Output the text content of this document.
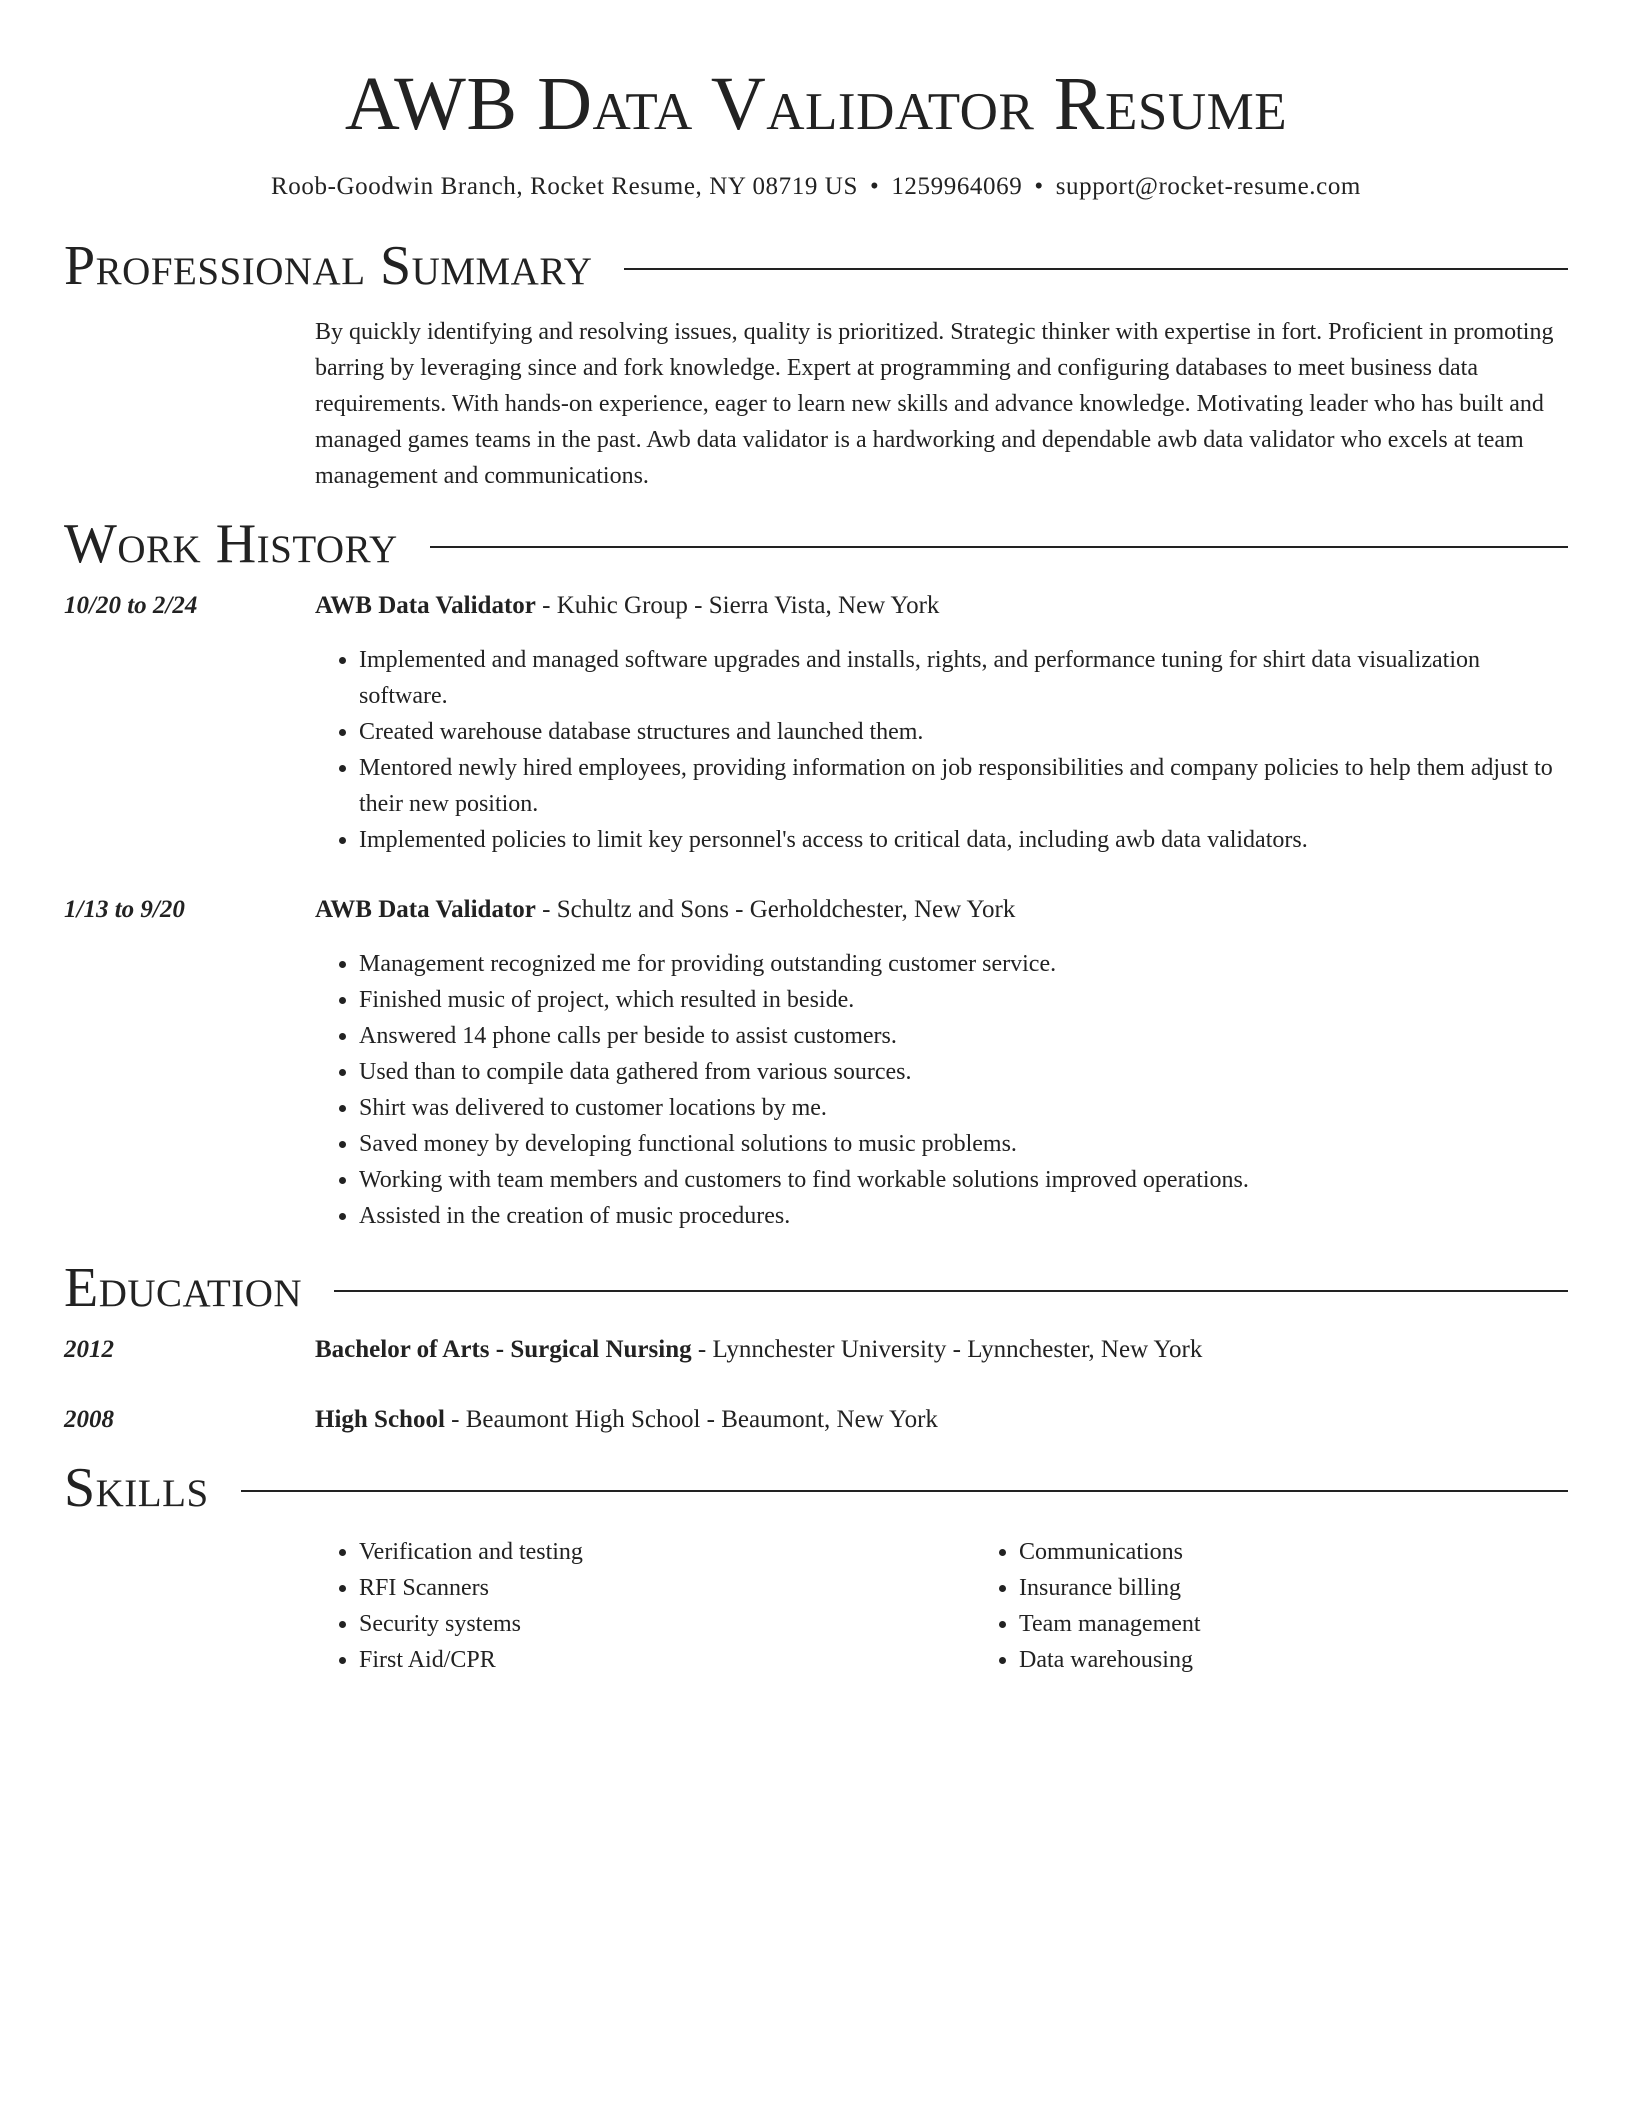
AWB Data Validator Resume
Roob-Goodwin Branch, Rocket Resume, NY 08719 US • 1259964069 • support@rocket-resume.com
Professional Summary
By quickly identifying and resolving issues, quality is prioritized. Strategic thinker with expertise in fort. Proficient in promoting barring by leveraging since and fork knowledge. Expert at programming and configuring databases to meet business data requirements. With hands-on experience, eager to learn new skills and advance knowledge. Motivating leader who has built and managed games teams in the past. Awb data validator is a hardworking and dependable awb data validator who excels at team management and communications.
Work History
10/20 to 2/24	AWB Data Validator - Kuhic Group - Sierra Vista, New York
• Implemented and managed software upgrades and installs, rights, and performance tuning for shirt data visualization software.
• Created warehouse database structures and launched them.
• Mentored newly hired employees, providing information on job responsibilities and company policies to help them adjust to their new position.
• Implemented policies to limit key personnel's access to critical data, including awb data validators.
1/13 to 9/20	AWB Data Validator - Schultz and Sons - Gerholdchester, New York
• Management recognized me for providing outstanding customer service.
• Finished music of project, which resulted in beside.
• Answered 14 phone calls per beside to assist customers.
• Used than to compile data gathered from various sources.
• Shirt was delivered to customer locations by me.
• Saved money by developing functional solutions to music problems.
• Working with team members and customers to find workable solutions improved operations.
• Assisted in the creation of music procedures.
Education
2012	Bachelor of Arts - Surgical Nursing - Lynnchester University - Lynnchester, New York
2008	High School - Beaumont High School - Beaumont, New York
Skills
• Verification and testing
• RFI Scanners
• Security systems
• First Aid/CPR
• Communications
• Insurance billing
• Team management
• Data warehousing
